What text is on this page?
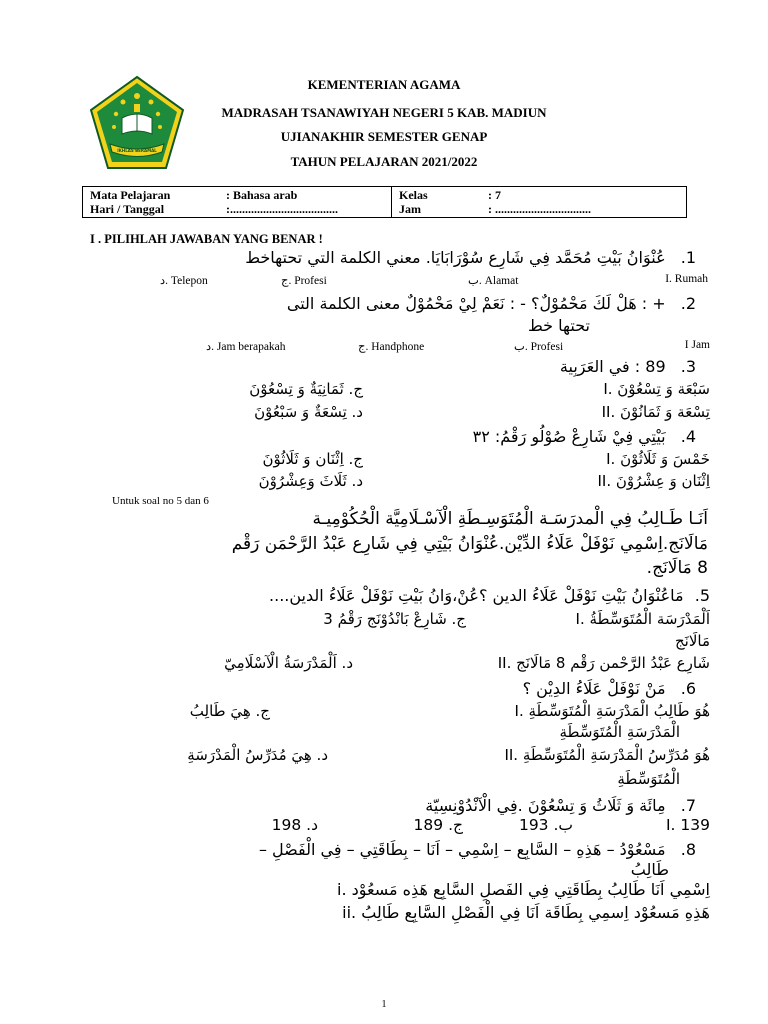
IKHLAS BERAMAL
KEMENTERIAN AGAMA
MADRASAH TSANAWIYAH NEGERI 5 KAB. MADIUN
UJIANAKHIR SEMESTER GENAP
TAHUN PELAJARAN 2021/2022
Mata Pelajaran	: Bahasa arab
Hari / Tanggal	:....................................
Kelas	: 7
Jam	: ................................
I . PILIHLAH JAWABAN YANG BENAR !
1. عُنْوَانُ بَيْتِ مُحَمَّد فِي شَارِع سُوْرَابَايَا. معني الكلمة التي تحتهاخط
I. Rumah
ب. Alamat
ج. Profesi
د. Telepon
2. + : هَلْ لَكَ مَحْمُوْلٌ؟ - : نَعَمْ لِيْ مَحْمُوْلٌ معنى الكلمة التى
تحتها خط
I Jam
ب. Profesi
ج. Handphone
د. Jam berapakah
3. 89 : في العَرَبِية
I. سَبْعَة وَ تِسْعُوْنَ
ج. ثَمَانِيَةٌ وَ تِسْعُوْنَ
II. تِسْعَة وَ ثَمَانُوْنَ
د. تِسْعَةٌ وَ سَبْعُوْنَ
4. بَيْتِي فِيْ شَارِعْ صُوْلُو رَقْمُ: ٣٢
I. خَمْسَ وَ ثَلَاثُوْنَ
ج. اِثْنَان وَ ثَلَاثُوْنَ
II. اِثْنَان وَ عِشْرُوْنَ
د. ثَلَاثَ وَعِشْرُوْنَ
Untuk soal no 5 dan 6
اَنَـا طَـالِبُ فِي الْمدرَسَـة الْمُتَوَسِـطَةِ الْآسْـلَامِيَّة الْحُكُوْمِيـة
مَالَانَج.اِسْمِي نَوْفَلْ عَلَاءُ الدِّيْن.عُنْوَانُ بَيْتِي فِي شَارِع عَبْدُ الرَّحْمَن رَقْم
8 مَالَانَج.
5. مَاعُنْوَانُ بَيْتِ نَوْفَلْ عَلَاءُ الدين ؟عُنْ،وَانُ بَيْتِ نَوْفَلْ عَلَاءُ الدين....
I. اَلْمَدْرَسَة الْمُتَوَسِّطَةُ
ج. شَارِعْ بَانْدُوْنَج رَقْمُ 3
مَالَانَج
II. شَارِع عَبْدُ الرَّحْمن رَقْم 8 مَالَانَج
د. اَلْمَدْرَسَةُ الْآسْلَامِيّ
6. مَنْ نَوْفَلْ عَلَاءُ الدِيْن ؟
I. هُوَ طَالِبُ الْمَدْرَسَةِ الْمُتَوَسِّطَةِ
ج. هِيَ طَالِبُ
الْمَدْرَسَةِ الْمُتَوَسِّطَةِ
II. هُوَ مُدَرِّسُ الْمَدْرَسَةِ الْمُتَوَسِّطَةِ
د. هِيَ مُدَرِّسُ الْمَدْرَسَةِ
الْمُتَوَسِّطَةِ
7. مِائَة وَ ثَلَاثُ وَ تِسْعُوْنَ .فِي الْآنْدُوْنِسِيّة
I. 139
ب. 193
ج. 189
د. 198
8. مَسْعُوْدُ – هَذِهِ – السَّابِع – اِسْمِي – اَنَا – بِطَاقَتِي – فِي الْفَصْلِ –
طَالِبُ
i. اِسْمِي اَنَا طَالِبُ بِطَاقَتِي فِي الفَصلِ السَّابِع هَذِه مَسعُوْد
ii. هَذِهِ مَسعُوْد اِسمِي بِطَاقَة اَنَا فِي الْفَصْلِ السَّابِع طَالِبُ
1
